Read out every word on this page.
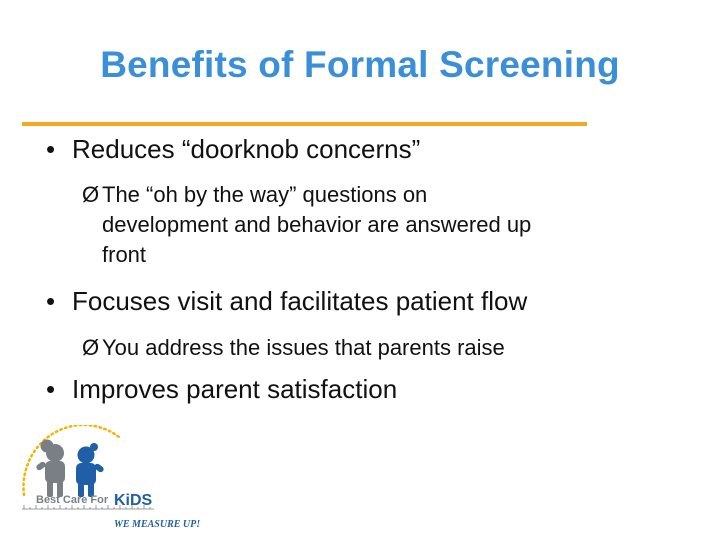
Benefits of Formal Screening
• Reduces “doorknob concerns”
Ø The “oh by the way” questions on
development and behavior are answered up
front
• Focuses visit and facilitates patient flow
Ø You address the issues that parents raise
• Improves parent satisfaction
Best Care For KiDS
WE MEASURE UP!
